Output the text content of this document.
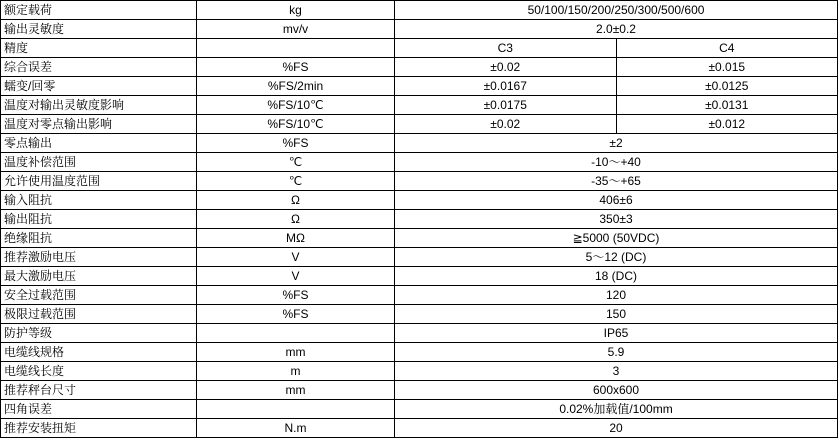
额定载荷	kg	50/100/150/200/250/300/500/600	
输出灵敏度	mv/v	2.0±0.2	
精度		C3	C4
综合误差	%FS	±0.02	±0.015
蠕变/回零	%FS/2min	±0.0167	±0.0125
温度对输出灵敏度影响	%FS/10℃	±0.0175	±0.0131
温度对零点输出影响	%FS/10℃	±0.02	±0.012
零点输出	%FS	±2	
温度补偿范围	℃	-10～+40	
允许使用温度范围	℃	-35～+65	
输入阻抗	Ω	406±6	
输出阻抗	Ω	350±3	
绝缘阻抗	MΩ	≧5000 (50VDC)	
推荐激励电压	V	5～12 (DC)	
最大激励电压	V	18 (DC)	
安全过载范围	%FS	120	
极限过载范围	%FS	150	
防护等级		IP65	
电缆线规格	mm	5.9	
电缆线长度	m	3	
推荐秤台尺寸	mm	600x600	
四角误差		0.02%加载值/100mm	
推荐安装扭矩	N.m	20	
